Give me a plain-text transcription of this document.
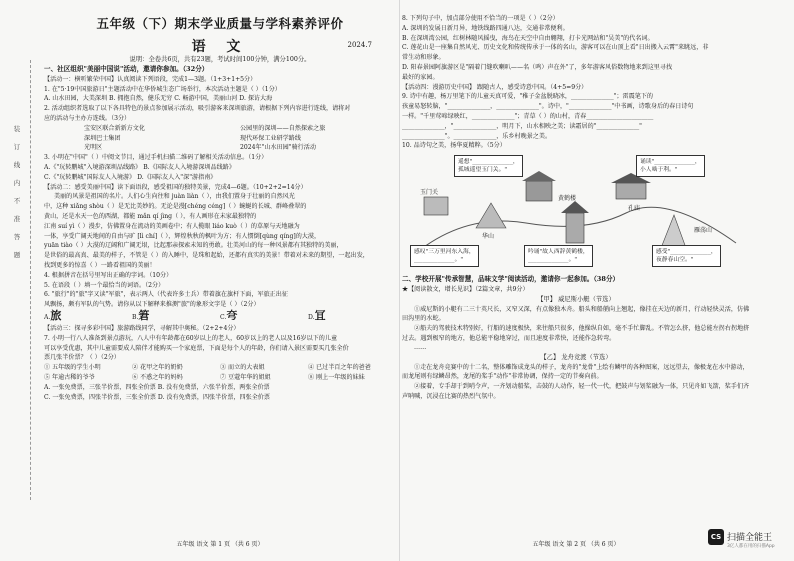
装
订
线
内
不
准
答
题
五年级（下）期末学业质量与学科素养评价
语 文	2024.7
说明：全卷共6页，共有23题，考试时间100分钟，满分100分。
一、社区组织"美丽中国说"活动，邀请你参加。（32分）
【活动一：横听繁荣中国】认真阅读下列语段，完成1—3题。（1+3+1+5分）
1. 在"5·19中国旅游日"主题活动中在华侨城生态广场举行，本次活动主题是（ ）（1分）
A. 山水田园，大美深圳 B. 拥抱自然，健乐无穷 C. 畅游中国，美丽山河 D. 探访大海
2. 活动组织者选取了以下各具特色的景点参加展示活动，吸引游客来深圳旅游，请根据下列内容进行连线，请将对
应的活动与主办方连线。（3分）
宝安区联合新新方文化	公园里的深圳——自然探索之旅
深圳巴士集团	现代环保工业研学路线
光明区	2024年"山水田园"骑行活动
3. 小明在"中国"（ ）中阅文节目，通过手机扫描二维码了解相关活动信息。（1分）
A.《"玩转鹏城"入境游深圳品线路》 B.《国际友人入境游深圳品线路》
C.《"玩转鹏城"国际友人入境游》 D.《国际友人入"深"游指南》
【活动二：感受美丽中国】读下面语段，感受祖国的独特美景，完成4—6题。（10+2+2=14分）
美丽的风景是祖国的名片。人们心生向往和 juàn liàn（ ），由我们置身于壮丽的自然风光
中，这种 xiǎng shòu（ ）是无比美妙的。无论是漫[chéng céng]（ ）蜿蜒的长城、群峰叠翠的
黄山，还是水天一色的西湖，都能 mǎn qí jìng（ ），有人画形在未家最独特的
江南 suí yì（ ）漫步，仿佛置身在流动的美画卷中；有人揽眼 liáo kuò（ ）的草原与天地融为
一体，享受广阔天地间的自由与旷 [lì chí]（ ），辉煌秋秋的枫叶为方；有人惯倒[qùng qíng]的大漠，
yuān tiào（ ）大漠的辽阔和广阔无垠，比起那亲探索未知的勇敢。壮美河山的每一种风景都有其独特的美丽，
是世俗的最高真、最美的样子，不管是（ ）的入睡中，是珠和起始，还都有真实的美景！带着对未来的期望，一起出发，
找到更多的惊喜（ ）一路看祖国的美丽！
4. 根据拼音在括号里写出正确的字词。（10分）
5. 在语段（ ）填一个最恰当的词语。（2分）
6. "旅行"的"旅"字又读"军旅"，表示两人（代表许多士兵）带着旗在旗杆下面，军旅正出征
风飘扬，颇有军队的气势。请你从以下解释来推测"旅"的象形文字是（ ）（2分）
A.旅	B.䇹	C.𡗝	D.冝
【活动三：探寻多彩中国】旅游路线同学，寻解其中奥秘。（2+2+4分）
7. 小明一行八人准备到景点游玩，八人中有年龄都在60岁以上的老人，60岁以上的老人以及16岁以下的儿童
可以享受优惠，其中儿童需要成人陪伴才能购买一个家庭票，下面是每个人的年龄，你们请入景区需要买几张全价
票几张半价票？（ ）（2分）
① 五年级的学生小明	② 花甲之年的奶奶	③ 而立的大表姐	④ 已过半百之年的爸爸
⑤ 年逾古稀的爷爷	⑥ 不惑之年的妈妈	⑦ 豆蔻年华的姐姐	⑧ 刚上一年级的妹妹
A. 一张免费票，三张半价票，四张全价票 B. 没有免费票，六张半价票，两张全价票
C. 一张免费票，四张半价票，三张全价票 D. 没有免费票，四张半价票，四张全价票
五年级 语文 第 1 页 （共 6 页）
8. 下列句子中，加点部分使用不恰当的一项是（ ）（2分）
A. 深圳的发展日新月异，地铁线路四通八达，交通非常便利。
B. 在深圳湾公园，红树林随风摇曳，海鸟在天空中自由翱翔，打卡光网站和"吴美"的代名词。
C. 莲花山是一座集自然风光、历史文化和传统传承于一体的名山，游客可以在山顶上看"日出搬入云霄"来眺远，非
常生动和形象。
D. 阳春景园阿旗游区是"隔着门缝吹喇叭——名（鸣）声在外"了，多年游客风俗数物地来到这里寻找
最好的家园。
【活动四：漫游历史中国】 跟随古人，感受诗意中国。（4+5=9分）
9. 诗中有趣，杨万里笔下的儿童天真可爱，"稚子金盆脱晓冰，______________"；雷震笔下的
孩童易怒转脑，"______________，______________"。诗中，"______________"中书画，诗歌身后的春日诗句
一样。"千里莺啼绿映红，______________"；青草（ ）的山村，青春______________________
______________，"______________，明月下，山水相映之美；读霜居的"______________"
______________"。______________，乐乡村晚景之美。
10. 品诗句之美，扬华夏精粹。（5分）
遥想"______________，
孤城遥望玉门关。"
诵读"______________，
小人啮于利。"
感叹"三万里河东入海，
______________。"
吟诵"故人西辞黄鹤楼，
______________。"
感受"______________，
夜静春山空。"
玉门关
华山
黄鹤楼
孔庙
雁荡山
二、学校开展"传承智慧，品味文学"阅读活动，邀请你一起参加。（38分）
★【阅读散文，增长见识】（2篇文章，共9分）
【甲】 威尼斯小艇（节选）
①威尼斯的小艇有二三十英尺长，又窄又深，有点像独木舟。船头和船艄向上翘起，像挂在天边的新月，行动轻快灵活，仿佛田沟里的水蛇。
②船夫的驾驶技术特别好，行船的速度极快，来往船只很多，他操纵自如，毫不手忙脚乱。不管怎么挤，他总能左拐右拐地挤过去。遇到极窄的地方，他总能平稳地穿过，而且速度非常快，还能作急转弯。
……
【乙】 龙舟竞渡（节选）
①走在龙舟竞赛中的十二名，整体雕饰成龙头的样子，龙舟的"龙骨"上绘有鳞甲的各种图案，远远望去，像极龙在水中游动，而龙尾则有绿鳞昂然，龙尾的桨手"动作"非常协调，保持一定的节奏向前。
②接着，专手却于到哨令声，一齐划动船桨，击鼓的人动作，轻一代一代，把鼓声与划桨融为一体，只见舟如飞箭，桨手们齐声呐喊，沉浸在比赛的热烈气氛中。
五年级 语文 第 2 页 （共 6 页）
CS 扫描全能王
3亿人都在用的扫描App
